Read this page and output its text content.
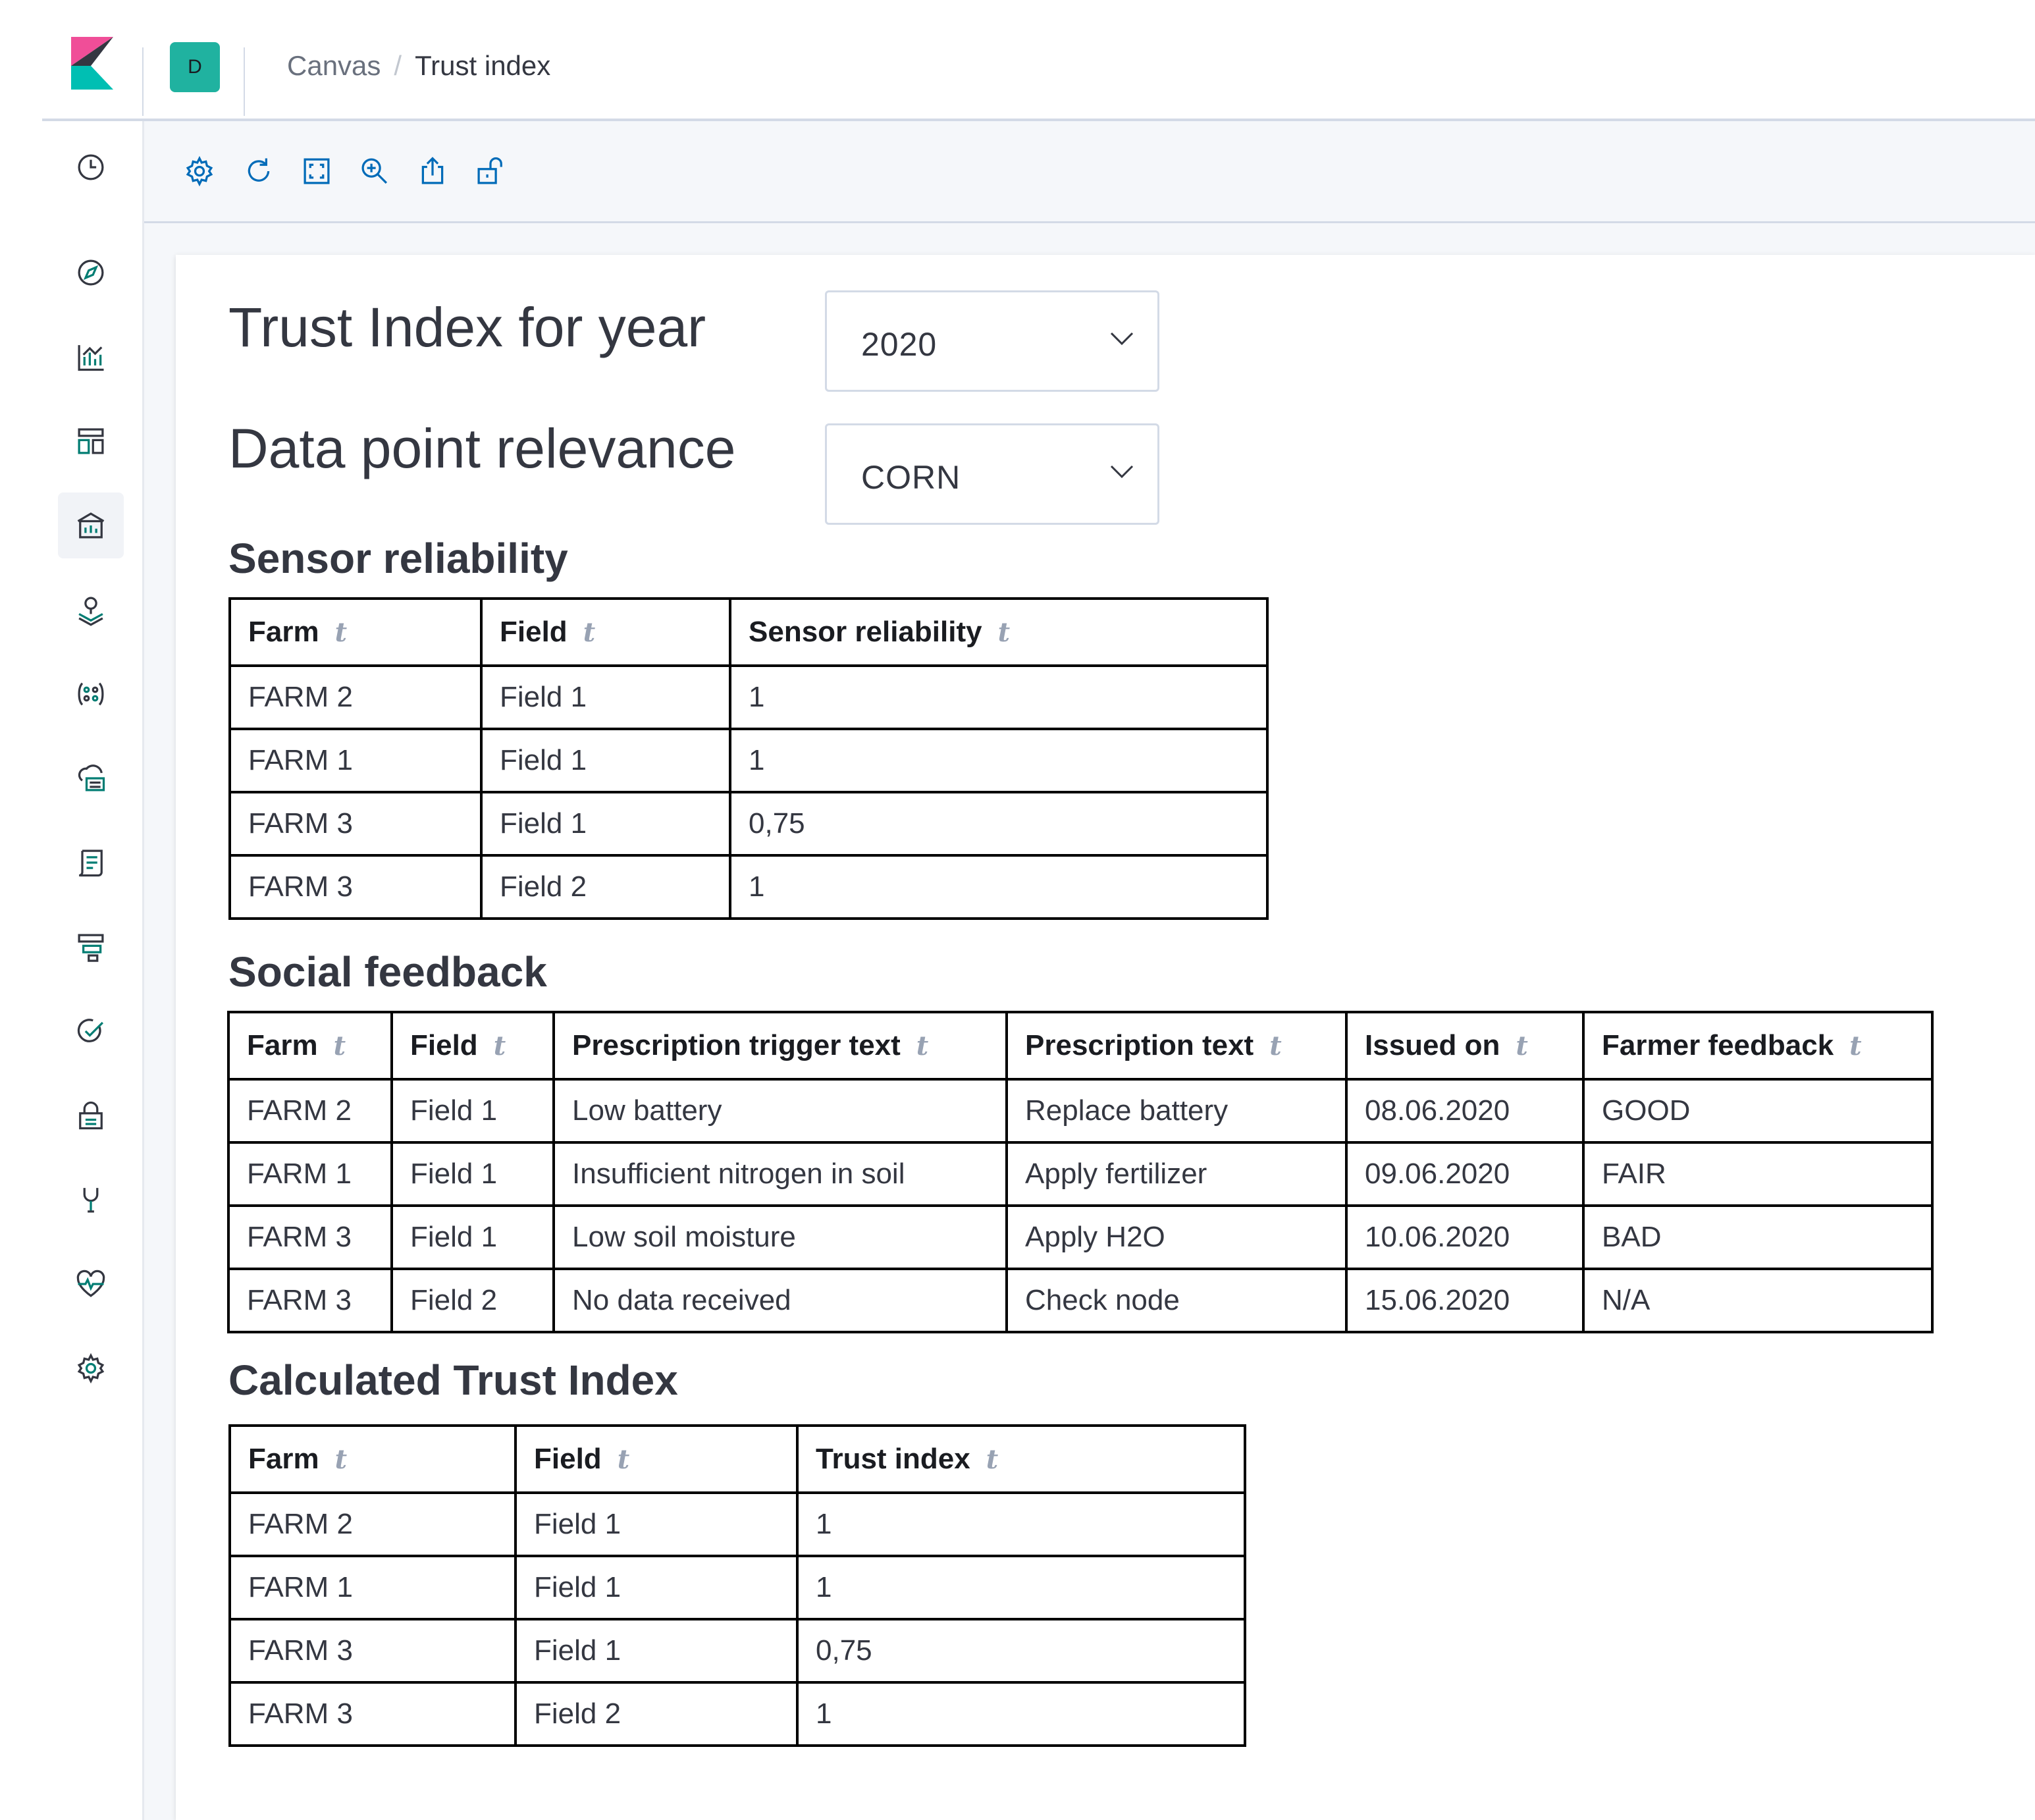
D	Canvas / Trust index
Trust Index for year	2020
Data point relevance	CORN
Sensor reliability
Farm t	Field t	Sensor reliability t
FARM 2	Field 1	1
FARM 1	Field 1	1
FARM 3	Field 1	0,75
FARM 3	Field 2	1
Social feedback
Farm t	Field t	Prescription trigger text t	Prescription text t	Issued on t	Farmer feedback t
FARM 2	Field 1	Low battery	Replace battery	08.06.2020	GOOD
FARM 1	Field 1	Insufficient nitrogen in soil	Apply fertilizer	09.06.2020	FAIR
FARM 3	Field 1	Low soil moisture	Apply H2O	10.06.2020	BAD
FARM 3	Field 2	No data received	Check node	15.06.2020	N/A
Calculated Trust Index
Farm t	Field t	Trust index t
FARM 2	Field 1	1
FARM 1	Field 1	1
FARM 3	Field 1	0,75
FARM 3	Field 2	1
